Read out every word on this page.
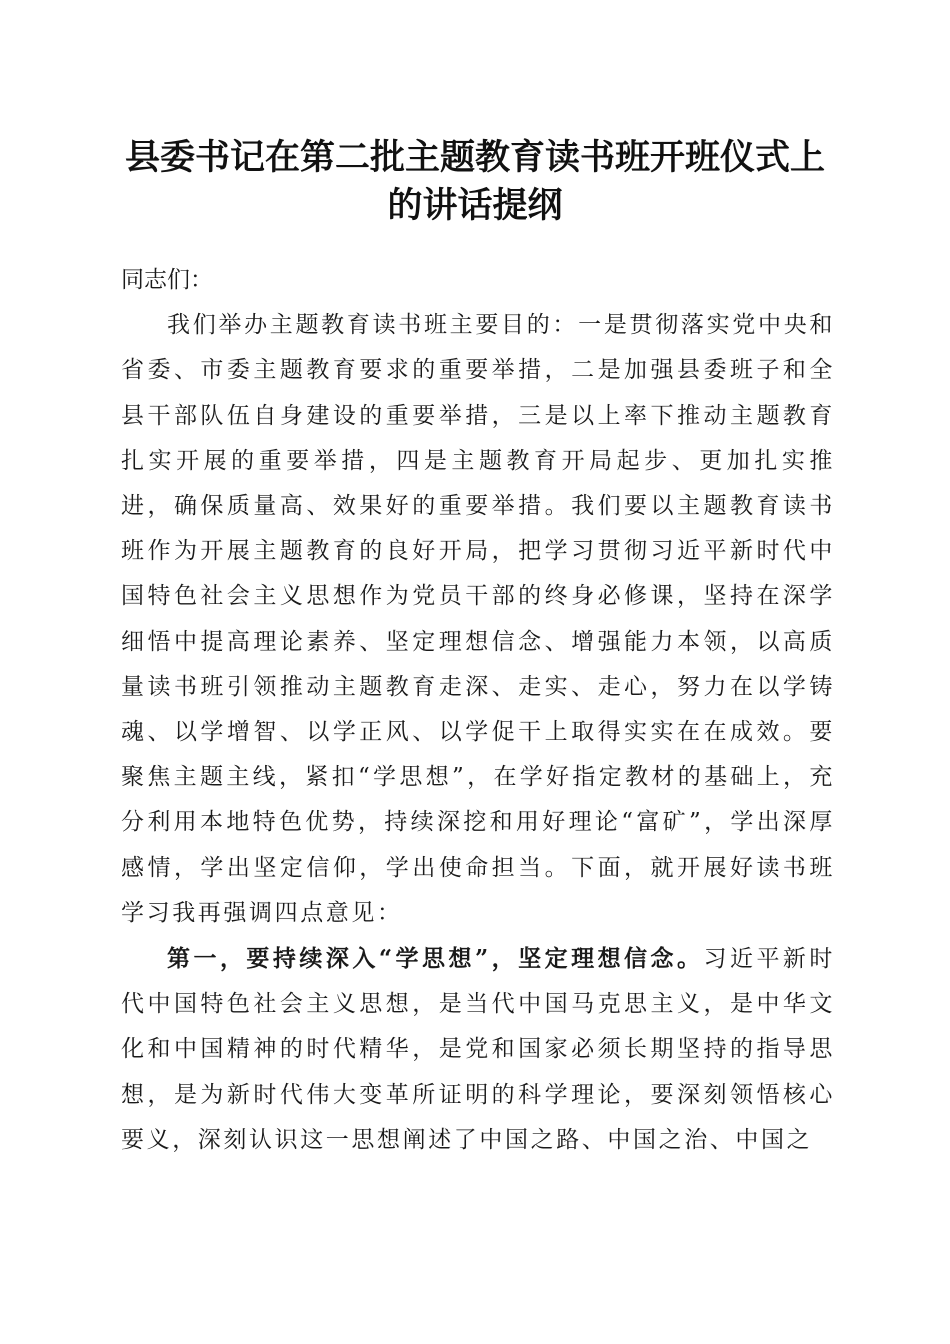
县委书记在第二批主题教育读书班开班仪式上
的讲话提纲

同志们：

我们举办主题教育读书班主要目的：一是贯彻落实党中央和省委、市委主题教育要求的重要举措，二是加强县委班子和全县干部队伍自身建设的重要举措，三是以上率下推动主题教育扎实开展的重要举措，四是主题教育开局起步、更加扎实推进，确保质量高、效果好的重要举措。我们要以主题教育读书班作为开展主题教育的良好开局，把学习贯彻习近平新时代中国特色社会主义思想作为党员干部的终身必修课，坚持在深学细悟中提高理论素养、坚定理想信念、增强能力本领，以高质量读书班引领推动主题教育走深、走实、走心，努力在以学铸魂、以学增智、以学正风、以学促干上取得实实在在成效。要聚焦主题主线，紧扣“学思想”，在学好指定教材的基础上，充分利用本地特色优势，持续深挖和用好理论“富矿”，学出深厚感情，学出坚定信仰，学出使命担当。下面，就开展好读书班学习我再强调四点意见：

第一，要持续深入“学思想”，坚定理想信念。习近平新时代中国特色社会主义思想，是当代中国马克思主义，是中华文化和中国精神的时代精华，是党和国家必须长期坚持的指导思想，是为新时代伟大变革所证明的科学理论，要深刻领悟核心要义，深刻认识这一思想阐述了中国之路、中国之治、中国之
